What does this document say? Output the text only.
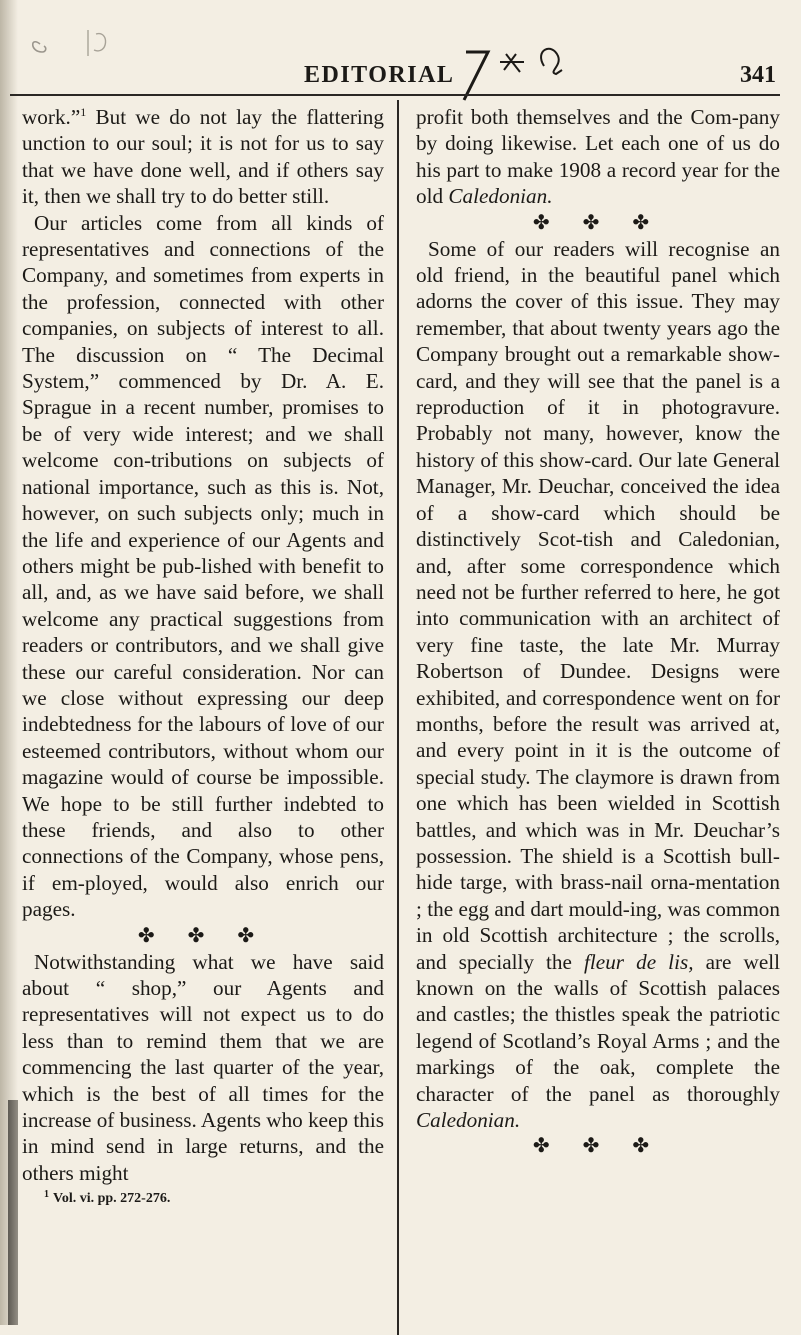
EDITORIAL	341

work.”$^1$ But we do not lay the flattering unction to our soul; it is not for us to say that we have done well, and if others say it, then we shall try to do better still.

Our articles come from all kinds of representatives and connections of the Company, and sometimes from experts in the profession, connected with other companies, on subjects of interest to all. The discussion on “ The Decimal System,” commenced by Dr. A. E. Sprague in a recent number, promises to be of very wide interest; and we shall welcome con-tributions on subjects of national importance, such as this is. Not, however, on such subjects only; much in the life and experience of our Agents and others might be pub-lished with benefit to all, and, as we have said before, we shall welcome any practical suggestions from readers or contributors, and we shall give these our careful consideration. Nor can we close without expressing our deep indebtedness for the labours of love of our esteemed contributors, without whom our magazine would of course be impossible. We hope to be still further indebted to these friends, and also to other connections of the Company, whose pens, if em-ployed, would also enrich our pages.

✤ ✤ ✤

Notwithstanding what we have said about “ shop,” our Agents and representatives will not expect us to do less than to remind them that we are commencing the last quarter of the year, which is the best of all times for the increase of business. Agents who keep this in mind send in large returns, and the others might

$^1$ Vol. vi. pp. 272-276.

profit both themselves and the Com-pany by doing likewise. Let each one of us do his part to make 1908 a record year for the old Caledonian.

✤ ✤ ✤

Some of our readers will recognise an old friend, in the beautiful panel which adorns the cover of this issue. They may remember, that about twenty years ago the Company brought out a remarkable show-card, and they will see that the panel is a reproduction of it in photogravure. Probably not many, however, know the history of this show-card. Our late General Manager, Mr. Deuchar, conceived the idea of a show-card which should be distinctively Scot-tish and Caledonian, and, after some correspondence which need not be further referred to here, he got into communication with an architect of very fine taste, the late Mr. Murray Robertson of Dundee. Designs were exhibited, and correspondence went on for months, before the result was arrived at, and every point in it is the outcome of special study. The claymore is drawn from one which has been wielded in Scottish battles, and which was in Mr. Deuchar’s possession. The shield is a Scottish bull-hide targe, with brass-nail orna-mentation ; the egg and dart mould-ing, was common in old Scottish architecture ; the scrolls, and specially the fleur de lis, are well known on the walls of Scottish palaces and castles; the thistles speak the patriotic legend of Scotland’s Royal Arms ; and the markings of the oak, complete the character of the panel as thoroughly Caledonian.

✤ ✤ ✤
